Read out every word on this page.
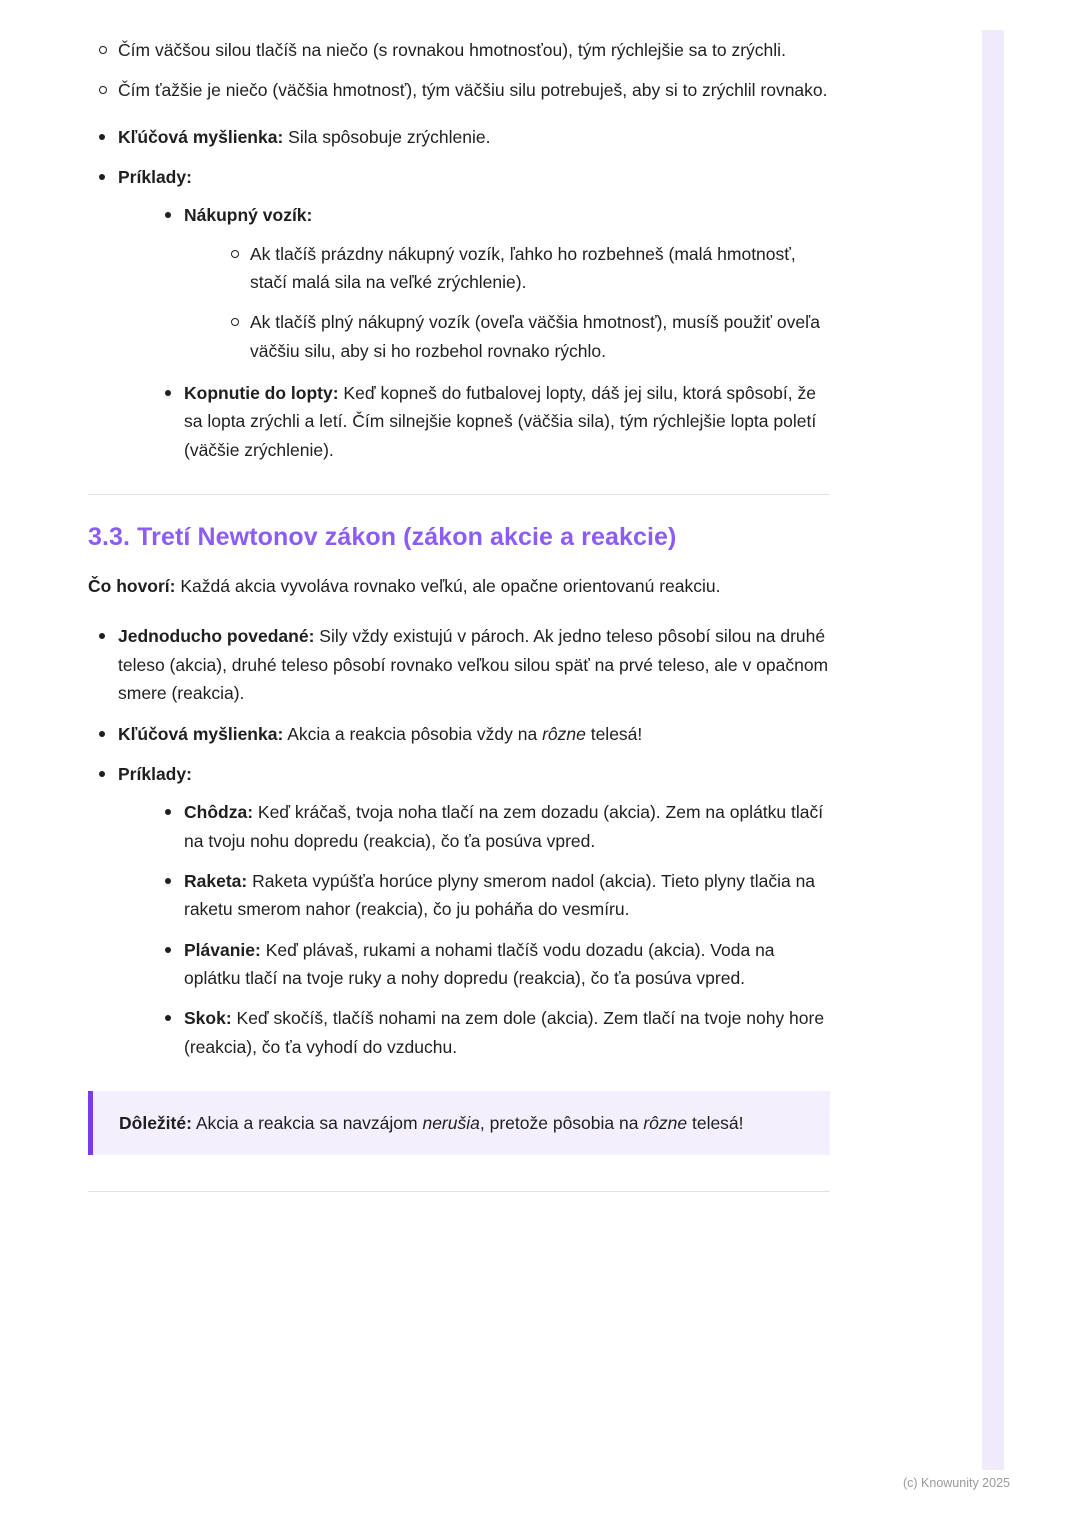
Čím väčšou silou tlačíš na niečo (s rovnakou hmotnosťou), tým rýchlejšie sa to zrýchli.
Čím ťažšie je niečo (väčšia hmotnosť), tým väčšiu silu potrebuješ, aby si to zrýchlil rovnako.
Kľúčová myšlienka: Sila spôsobuje zrýchlenie.
Príklady:
Nákupný vozík:
Ak tlačíš prázdny nákupný vozík, ľahko ho rozbehneš (malá hmotnosť, stačí malá sila na veľké zrýchlenie).
Ak tlačíš plný nákupný vozík (oveľa väčšia hmotnosť), musíš použiť oveľa väčšiu silu, aby si ho rozbehol rovnako rýchlo.
Kopnutie do lopty: Keď kopneš do futbalovej lopty, dáš jej silu, ktorá spôsobí, že sa lopta zrýchli a letí. Čím silnejšie kopneš (väčšia sila), tým rýchlejšie lopta poletí (väčšie zrýchlenie).
3.3. Tretí Newtonov zákon (zákon akcie a reakcie)

Čo hovorí: Každá akcia vyvoláva rovnako veľkú, ale opačne orientovanú reakciu.

Jednoducho povedané: Sily vždy existujú v pároch. Ak jedno teleso pôsobí silou na druhé teleso (akcia), druhé teleso pôsobí rovnako veľkou silou späť na prvé teleso, ale v opačnom smere (reakcia).
Kľúčová myšlienka: Akcia a reakcia pôsobia vždy na rôzne telesá!
Príklady:
Chôdza: Keď kráčaš, tvoja noha tlačí na zem dozadu (akcia). Zem na oplátku tlačí na tvoju nohu dopredu (reakcia), čo ťa posúva vpred.
Raketa: Raketa vypúšťa horúce plyny smerom nadol (akcia). Tieto plyny tlačia na raketu smerom nahor (reakcia), čo ju poháňa do vesmíru.
Plávanie: Keď plávaš, rukami a nohami tlačíš vodu dozadu (akcia). Voda na oplátku tlačí na tvoje ruky a nohy dopredu (reakcia), čo ťa posúva vpred.
Skok: Keď skočíš, tlačíš nohami na zem dole (akcia). Zem tlačí na tvoje nohy hore (reakcia), čo ťa vyhodí do vzduchu.
Dôležité: Akcia a reakcia sa navzájom nerušia, pretože pôsobia na rôzne telesá!
(c) Knowunity 2025
